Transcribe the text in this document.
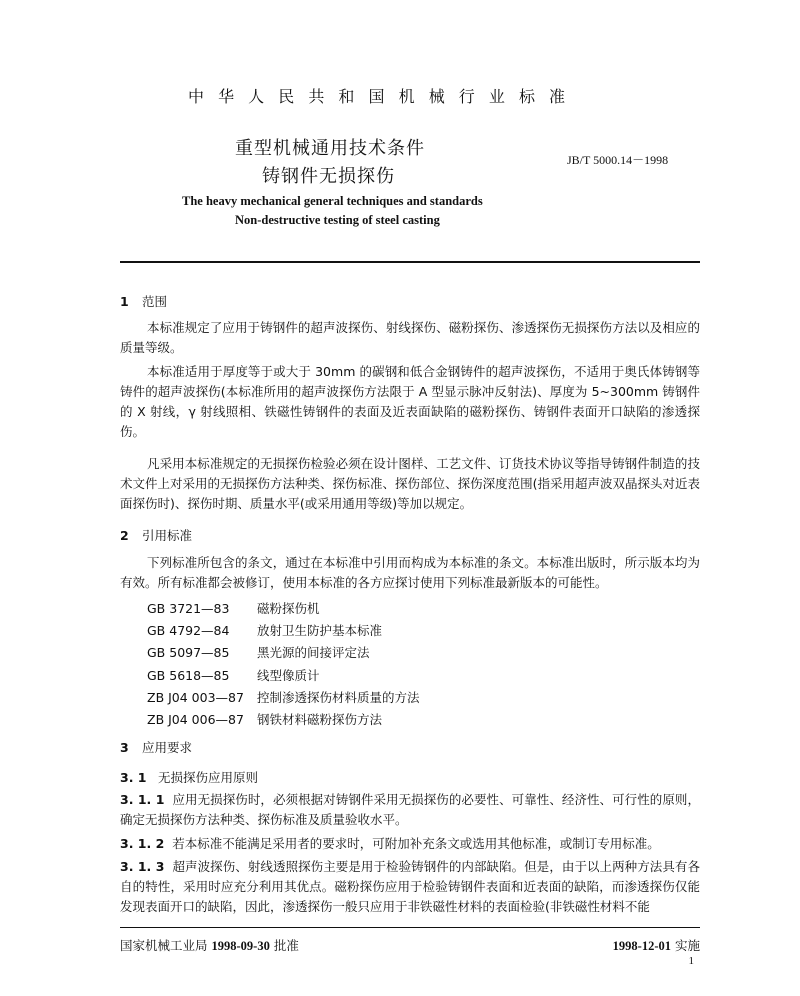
中 华 人 民 共 和 国 机 械 行 业 标 准
重型机械通用技术条件
铸钢件无损探伤
JB/T 5000.14－1998
The heavy mechanical general techniques and standards
Non-destructive testing of steel casting
1 范围
本标准规定了应用于铸钢件的超声波探伤、射线探伤、磁粉探伤、渗透探伤无损探伤方法以及相应的质量等级。
本标准适用于厚度等于或大于 30mm 的碳钢和低合金钢铸件的超声波探伤，不适用于奥氏体铸钢等铸件的超声波探伤(本标准所用的超声波探伤方法限于 A 型显示脉冲反射法)、厚度为 5~300mm 铸钢件的 X 射线，γ 射线照相、铁磁性铸钢件的表面及近表面缺陷的磁粉探伤、铸钢件表面开口缺陷的渗透探伤。
凡采用本标准规定的无损探伤检验必须在设计图样、工艺文件、订货技术协议等指导铸钢件制造的技术文件上对采用的无损探伤方法种类、探伤标准、探伤部位、探伤深度范围(指采用超声波双晶探头对近表面探伤时)、探伤时期、质量水平(或采用通用等级)等加以规定。
2 引用标准
下列标准所包含的条文，通过在本标准中引用而构成为本标准的条文。本标准出版时，所示版本均为有效。所有标准都会被修订，使用本标准的各方应探讨使用下列标准最新版本的可能性。
GB 3721—83 磁粉探伤机
GB 4792—84 放射卫生防护基本标准
GB 5097—85 黑光源的间接评定法
GB 5618—85 线型像质计
ZB J04 003—87 控制渗透探伤材料质量的方法
ZB J04 006—87 钢铁材料磁粉探伤方法
3 应用要求
3. 1 无损探伤应用原则
3. 1. 1 应用无损探伤时，必须根据对铸钢件采用无损探伤的必要性、可靠性、经济性、可行性的原则，确定无损探伤方法种类、探伤标准及质量验收水平。
3. 1. 2 若本标准不能满足采用者的要求时，可附加补充条文或选用其他标准，或制订专用标准。
3. 1. 3 超声波探伤、射线透照探伤主要是用于检验铸钢件的内部缺陷。但是，由于以上两种方法具有各自的特性，采用时应充分利用其优点。磁粉探伤应用于检验铸钢件表面和近表面的缺陷，而渗透探伤仅能发现表面开口的缺陷，因此，渗透探伤一般只应用于非铁磁性材料的表面检验(非铁磁性材料不能
国家机械工业局 1998-09-30 批准	1998-12-01 实施
1
